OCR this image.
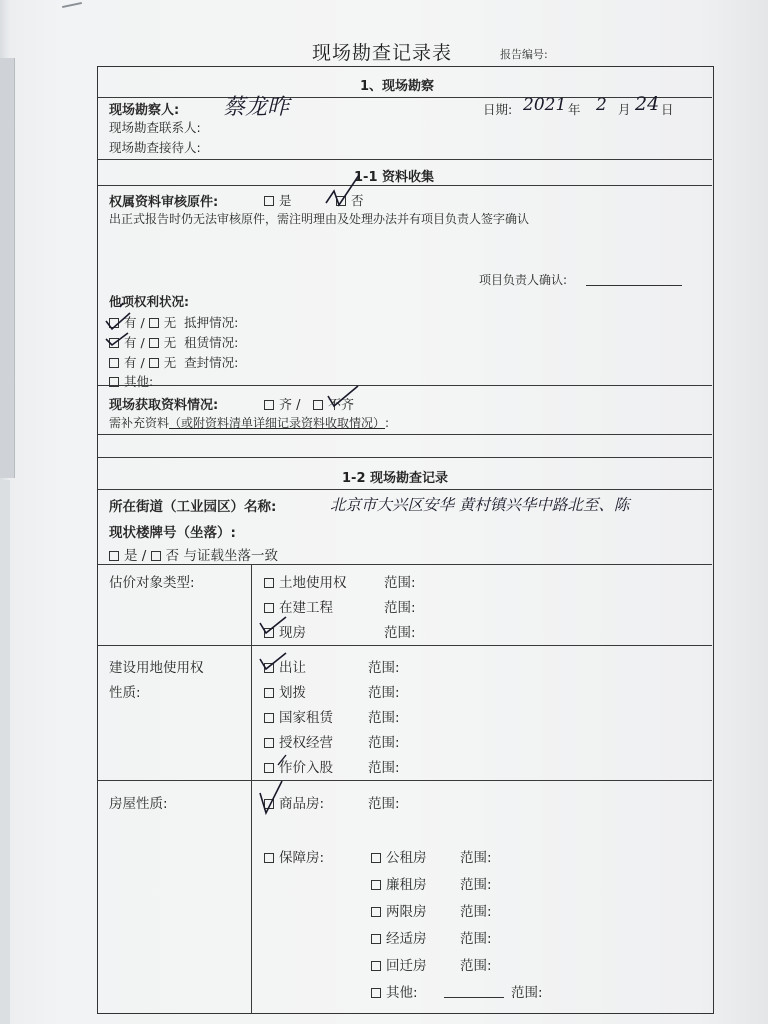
现场勘查记录表	报告编号:
1、现场勘察
现场勘察人: 蔡龙昨
现场勘查联系人:
现场勘查接待人:
日期: 2021 年 2 月 24 日
1-1 资料收集
权属资料审核原件:	是	否
出正式报告时仍无法审核原件，需注明理由及处理办法并有项目负责人签字确认
项目负责人确认:
他项权利状况:
有 / 无 抵押情况:
有 / 无 租赁情况:
有 / 无 查封情况:
其他:
现场获取资料情况:	齐 / 不齐
需补充资料（或附资料清单详细记录资料收取情况）:
1-2 现场勘查记录
所在街道（工业园区）名称:	北京市大兴区安华 黄村镇兴华中路北至、陈
现状楼牌号（坐落）:
是 / 否 与证载坐落一致
估价对象类型:	土地使用权	范围:
在建工程	范围:
现房	范围:
建设用地使用权
性质:
出让	范围:
划拨	范围:
国家租赁	范围:
授权经营	范围:
作价入股	范围:
房屋性质:	商品房:	范围:
保障房:	公租房 范围:
廉租房 范围:
两限房 范围:
经适房 范围:
回迁房 范围:
其他:	范围:
